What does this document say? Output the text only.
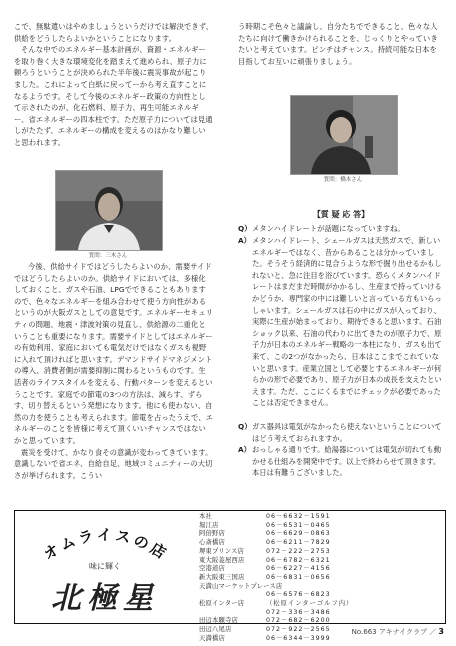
こで、無駄遣いはやめましょうというだけでは解決できず、供給をどうしたらよいかということになります。

そんな中でのエネルギー基本計画が、資源・エネルギーを取り巻く大きな環境変化を踏まえて進められ、原子力に頼ろうということが決められた半年後に震災事故が起こりました。これによって白紙に戻ってーから考え直すことになるようです。そして今後のエネルギー政策の方向性として示されたのが、化石燃料、原子力、再生可能エネルギー、省エネルギーの四本柱です。ただ原子力については見通しがたたず、エネルギーの構成を変えるのはかなり難しいと思われます。

質問：三木さん

今後、供給サイドではどうしたらよいのか、需要サイドではどうしたらよいのか。供給サイドにおいては、多様化しておくこと、ガスや石油、LPGでできることもありますので、色々なエネルギーを組み合わせて使う方向性があるというのが大阪ガスとしての意見です。エネルギーセキュリティの問題、地震・津波対策の見直し、供給源の二重化ということも重要になります。需要サイドとしてはエネルギーの有効利用、家庭においても電気だけではなくガスも視野に入れて頂ければと思います。デマンドサイドマネジメントの導入、消費者側が需要抑制に関わるというものです。生活者のライフスタイルを変える、行動パターンを変えるということです。家庭での節電の3つの方法は、減らす、ずらす、切り替えるという発想になります。他にも使わない、自然の力を使うことも考えられます。節電を占ったうえで、エネルギーのことを皆様に考えて頂くいいチャンスではないかと思っています。

震災を受けて、かなり食その意識が変わってきています。意識しないで省エネ、自給自足、地域コミュニティーの大切さが挙げられます。こうい

う時期こそ色々と議論し、自分たちでできること、色々な人たちに向けて働きかけられることを、じっくりとやっていきたいと考えています。ピンチはチャンス。持続可能な日本を目指してお互いに頑張りましょう。

質問：橋本さん
【質 疑 応 答】
Q） メタンハイドレートが話題になっていますね。
A） メタンハイドレート、シェールガスは天然ガスで、新しいエネルギーではなく、昔からあることは分かっていました。そうそう経済的に見合うような形で掘り出せるかもしれないと、急に注目を浴びています。恐らくメタンハイドレートはまだまだ時間がかかるし、生産まで持っていけるかどうか、専門家の中には難しいと言っている方もいらっしゃいます。シェールガスは石の中にガスが入っており、実際に生産が始まっており、期待できると思います。石油ショック以来、石油の代わりに出てきたのが原子力で、原子力が日本のエネルギー戦略の一本柱になり、ガスも出て来て、この2つがなかったら、日本はここまでこれていないと思います。産業立国として必要とするエネルギーが何らかの形で必要であり、原子力が日本の成長を支えたといえます。ただ、ここにくるまでにチェックが必要であったことは否定できません。
Q） ガス器具は電気がなかったら使えないということについてはどう考えておられますか。
A） おっしゃる通りです。給湯器については電気が切れても動かせる仕組みを開発中です。以上で終わらせて頂きます。本日は有難うございました。
オムライスの店
味に輝く
北極星
本社	06－6632－1591
堀江店	06－6531－0465
阿倍野店	06－6629－0863
心斎橋店	06－6211－7829
堺東プリンス店	072－222－2753
東大阪菱屋西店	06－6782－6321
空港道店	06－6227－4156
新大阪東三国店	06－6831－0656
天満山マーケットプレース店
06－6576－6823
松原インター店	（松原インターゴルフ内）
072－336－3486
田辺本願寺店	072－682－6200
田辺八尾店	072－922－2565
天満橋店	06－6344－3999
No.663 アキナイクラブ ／ 3
